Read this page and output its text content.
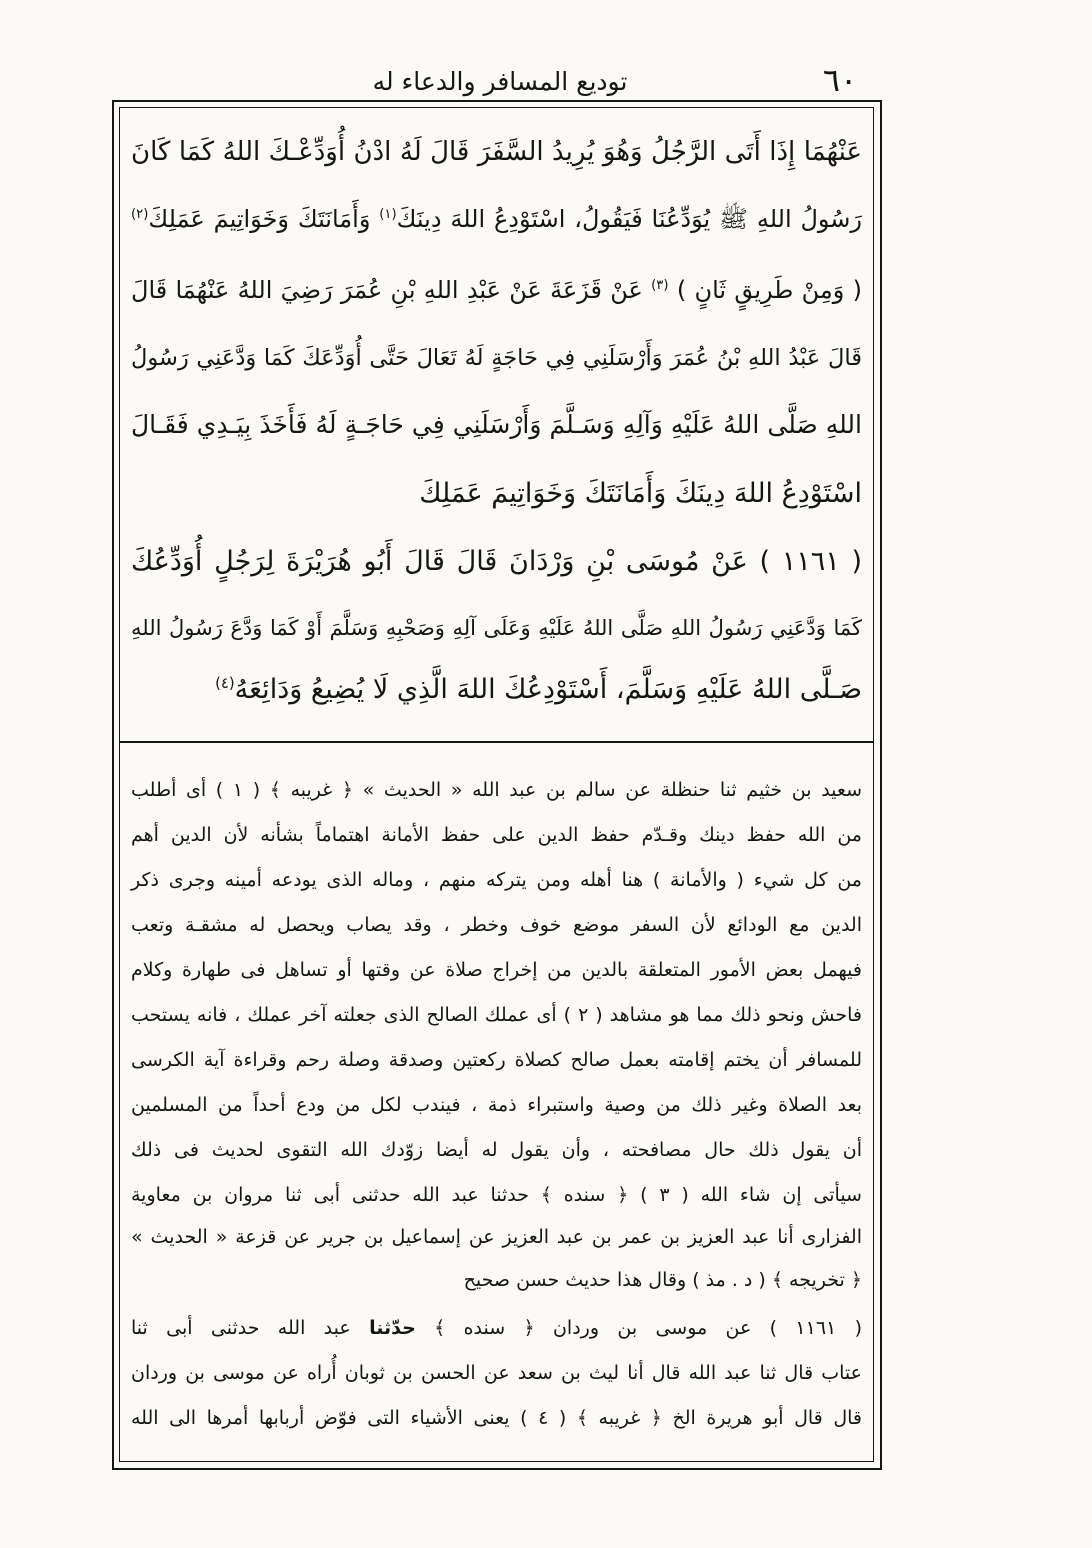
٦٠
توديع المسافر والدعاء له
عَنْهُمَا إِذَا أَتَى الرَّجُلُ وَهُوَ يُرِيدُ السَّفَرَ قَالَ لَهُ ادْنُ أُوَدِّعْـكَ اللهُ كَمَا كَانَ
رَسُولُ اللهِ ﷺ يُوَدِّعُنَا فَيَقُولُ، اسْتَوْدِعُ اللهَ دِينَكَ$^{(١)}$ وَأَمَانَتَكَ وَخَوَاتِيمَ عَمَلِكَ$^{(٢)}$
( وَمِنْ طَرِيقٍ ثَانٍ ) $^{(٣)}$ عَنْ قَزَعَةَ عَنْ عَبْدِ اللهِ بْنِ عُمَرَ رَضِيَ اللهُ عَنْهُمَا قَالَ
قَالَ عَبْدُ اللهِ بْنُ عُمَرَ وَأَرْسَلَنِي فِي حَاجَةٍ لَهُ تَعَالَ حَتَّى أُوَدِّعَكَ كَمَا وَدَّعَنِي رَسُولُ
اللهِ صَلَّى اللهُ عَلَيْهِ وَآلِهِ وَسَـلَّمَ وَأَرْسَلَنِي فِي حَاجَـةٍ لَهُ فَأَخَذَ بِيَـدِي فَقَـالَ
اسْتَوْدِعُ اللهَ دِينَكَ وَأَمَانَتَكَ وَخَوَاتِيمَ عَمَلِكَ
( ١١٦١ ) عَنْ مُوسَى بْنِ وَرْدَانَ قَالَ قَالَ أَبُو هُرَيْرَةَ لِرَجُلٍ أُوَدِّعُكَ
كَمَا وَدَّعَنِي رَسُولُ اللهِ صَلَّى اللهُ عَلَيْهِ وَعَلَى آلِهِ وَصَحْبِهِ وَسَلَّمَ أَوْ كَمَا وَدَّعَ رَسُولُ اللهِ
صَـلَّى اللهُ عَلَيْهِ وَسَلَّمَ، أَسْتَوْدِعُكَ اللهَ الَّذِي لَا يُضِيعُ وَدَائِعَهُ$^{(٤)}$
سعيد بن خثيم ثنا حنظلة عن سالم بن عبد الله « الحديث » ﴿ غريبه ﴾ ( ١ ) أى أطلب
من الله حفظ دينك وقـدّم حفظ الدين على حفظ الأمانة اهتماماً بشأنه لأن الدين أهم
من كل شيء ( والأمانة ) هنا أهله ومن يتركه منهم ، وماله الذى يودعه أمينه وجرى ذكر
الدين مع الودائع لأن السفر موضع خوف وخطر ، وقد يصاب ويحصل له مشقـة وتعب
فيهمل بعض الأمور المتعلقة بالدين من إخراج صلاة عن وقتها أو تساهل فى طهارة وكلام
فاحش ونحو ذلك مما هو مشاهد ( ٢ ) أى عملك الصالح الذى جعلته آخر عملك ، فانه يستحب
للمسافر أن يختم إقامته بعمل صالح كصلاة ركعتين وصدقة وصلة رحم وقراءة آية الكرسى
بعد الصلاة وغير ذلك من وصية واستبراء ذمة ، فيندب لكل من ودع أحداً من المسلمين
أن يقول ذلك حال مصافحته ، وأن يقول له أيضا زوّدك الله التقوى لحديث فى ذلك
سيأتى إن شاء الله ( ٣ ) ﴿ سنده ﴾ حدثنا عبد الله حدثنى أبى ثنا مروان بن معاوية
الفزارى أنا عبد العزيز بن عمر بن عبد العزيز عن إسماعيل بن جرير عن قزعة « الحديث »
﴿ تخريجه ﴾ ( د . مذ ) وقال هذا حديث حسن صحيح
( ١١٦١ ) عن موسى بن وردان ﴿ سنده ﴾ حدّثنا عبد الله حدثنى أبى ثنا
عتاب قال ثنا عبد الله قال أنا ليث بن سعد عن الحسن بن ثوبان أُراه عن موسى بن وردان
قال قال أبو هريرة الخ ﴿ غريبه ﴾ ( ٤ ) يعنى الأشياء التى فوّض أربابها أمرها الى الله
